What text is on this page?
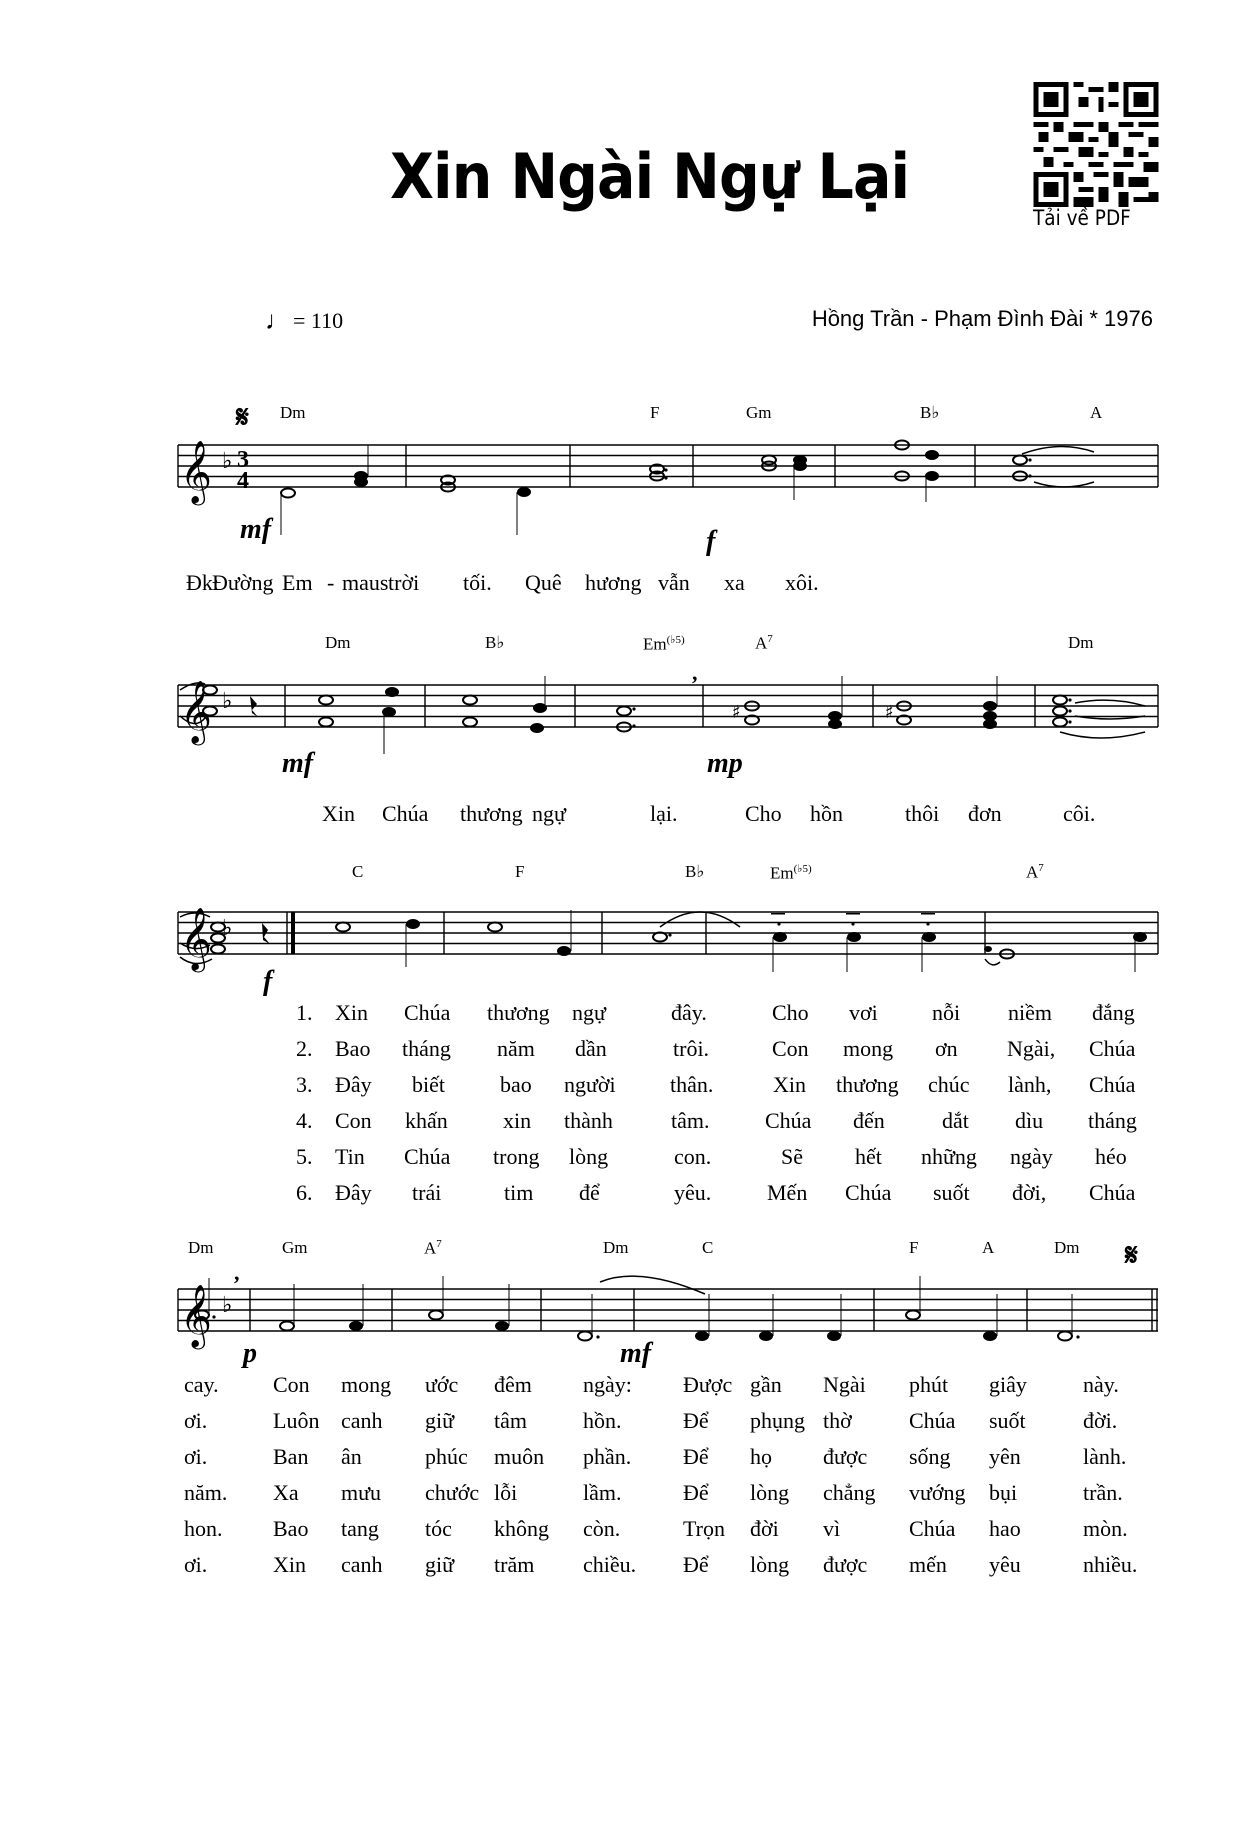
Xin Ngài Ngự Lại
Tải về PDF
♩ = 110	Hồng Trần - Phạm Đình Đài * 1976
𝄋 Dm	F	Gm	B♭	A
𝄞 ♭ 3
4
mf	f
Đk:
Đường Em - maus trời tối. Quê hương vẫn xa xôi.
Dm	B♭	$Em^{(♭5)}$	$A^7$	Dm
𝄞 ♭
,
♯	♯
mf	mp
Xin Chúa thương ngự	lại.	Cho hồn	thôi đơn	côi.
C	F	B♭	$Em^{(♭5)}$	$A^7$
𝄞 ♭
f
1. Xin Chúa thương ngự	đây.	Cho vơi nỗi niềm đắng
2. Bao tháng năm dần	trôi.	Con mong ơn Ngài, Chúa
3. Đây biết	bao người thân.	Xin thương chúc lành, Chúa
4. Con khấn	xin thành	tâm.	Chúa đến	dắt dìu tháng
5. Tin Chúa trong lòng	con.	Sẽ hết những ngày héo
6. Đây trái	tim để	yêu.	Mến Chúa suốt đời, Chúa
Dm	Gm	$A^7$	Dm	C	F	A	Dm 𝄋
𝄞 ♭
,
p	mf
cay. Con mong ước đêm ngày: Được gần Ngài phút giây	này.
ơi.	Luôn canh giữ tâm	hồn.	Để phụng thờ	Chúa suốt	đời.
ơi.	Ban ân	phúc muôn phần. Để họ được sống yên	lành.
năm. Xa mưu chước lỗi	lầm.	Để lòng chẳng vướng bụi	trần.
hon. Bao tang tóc không còn.	Trọn đời vì	Chúa hao	mòn.
ơi.	Xin canh giữ trăm chiều. Để lòng được mến yêu	nhiều.
